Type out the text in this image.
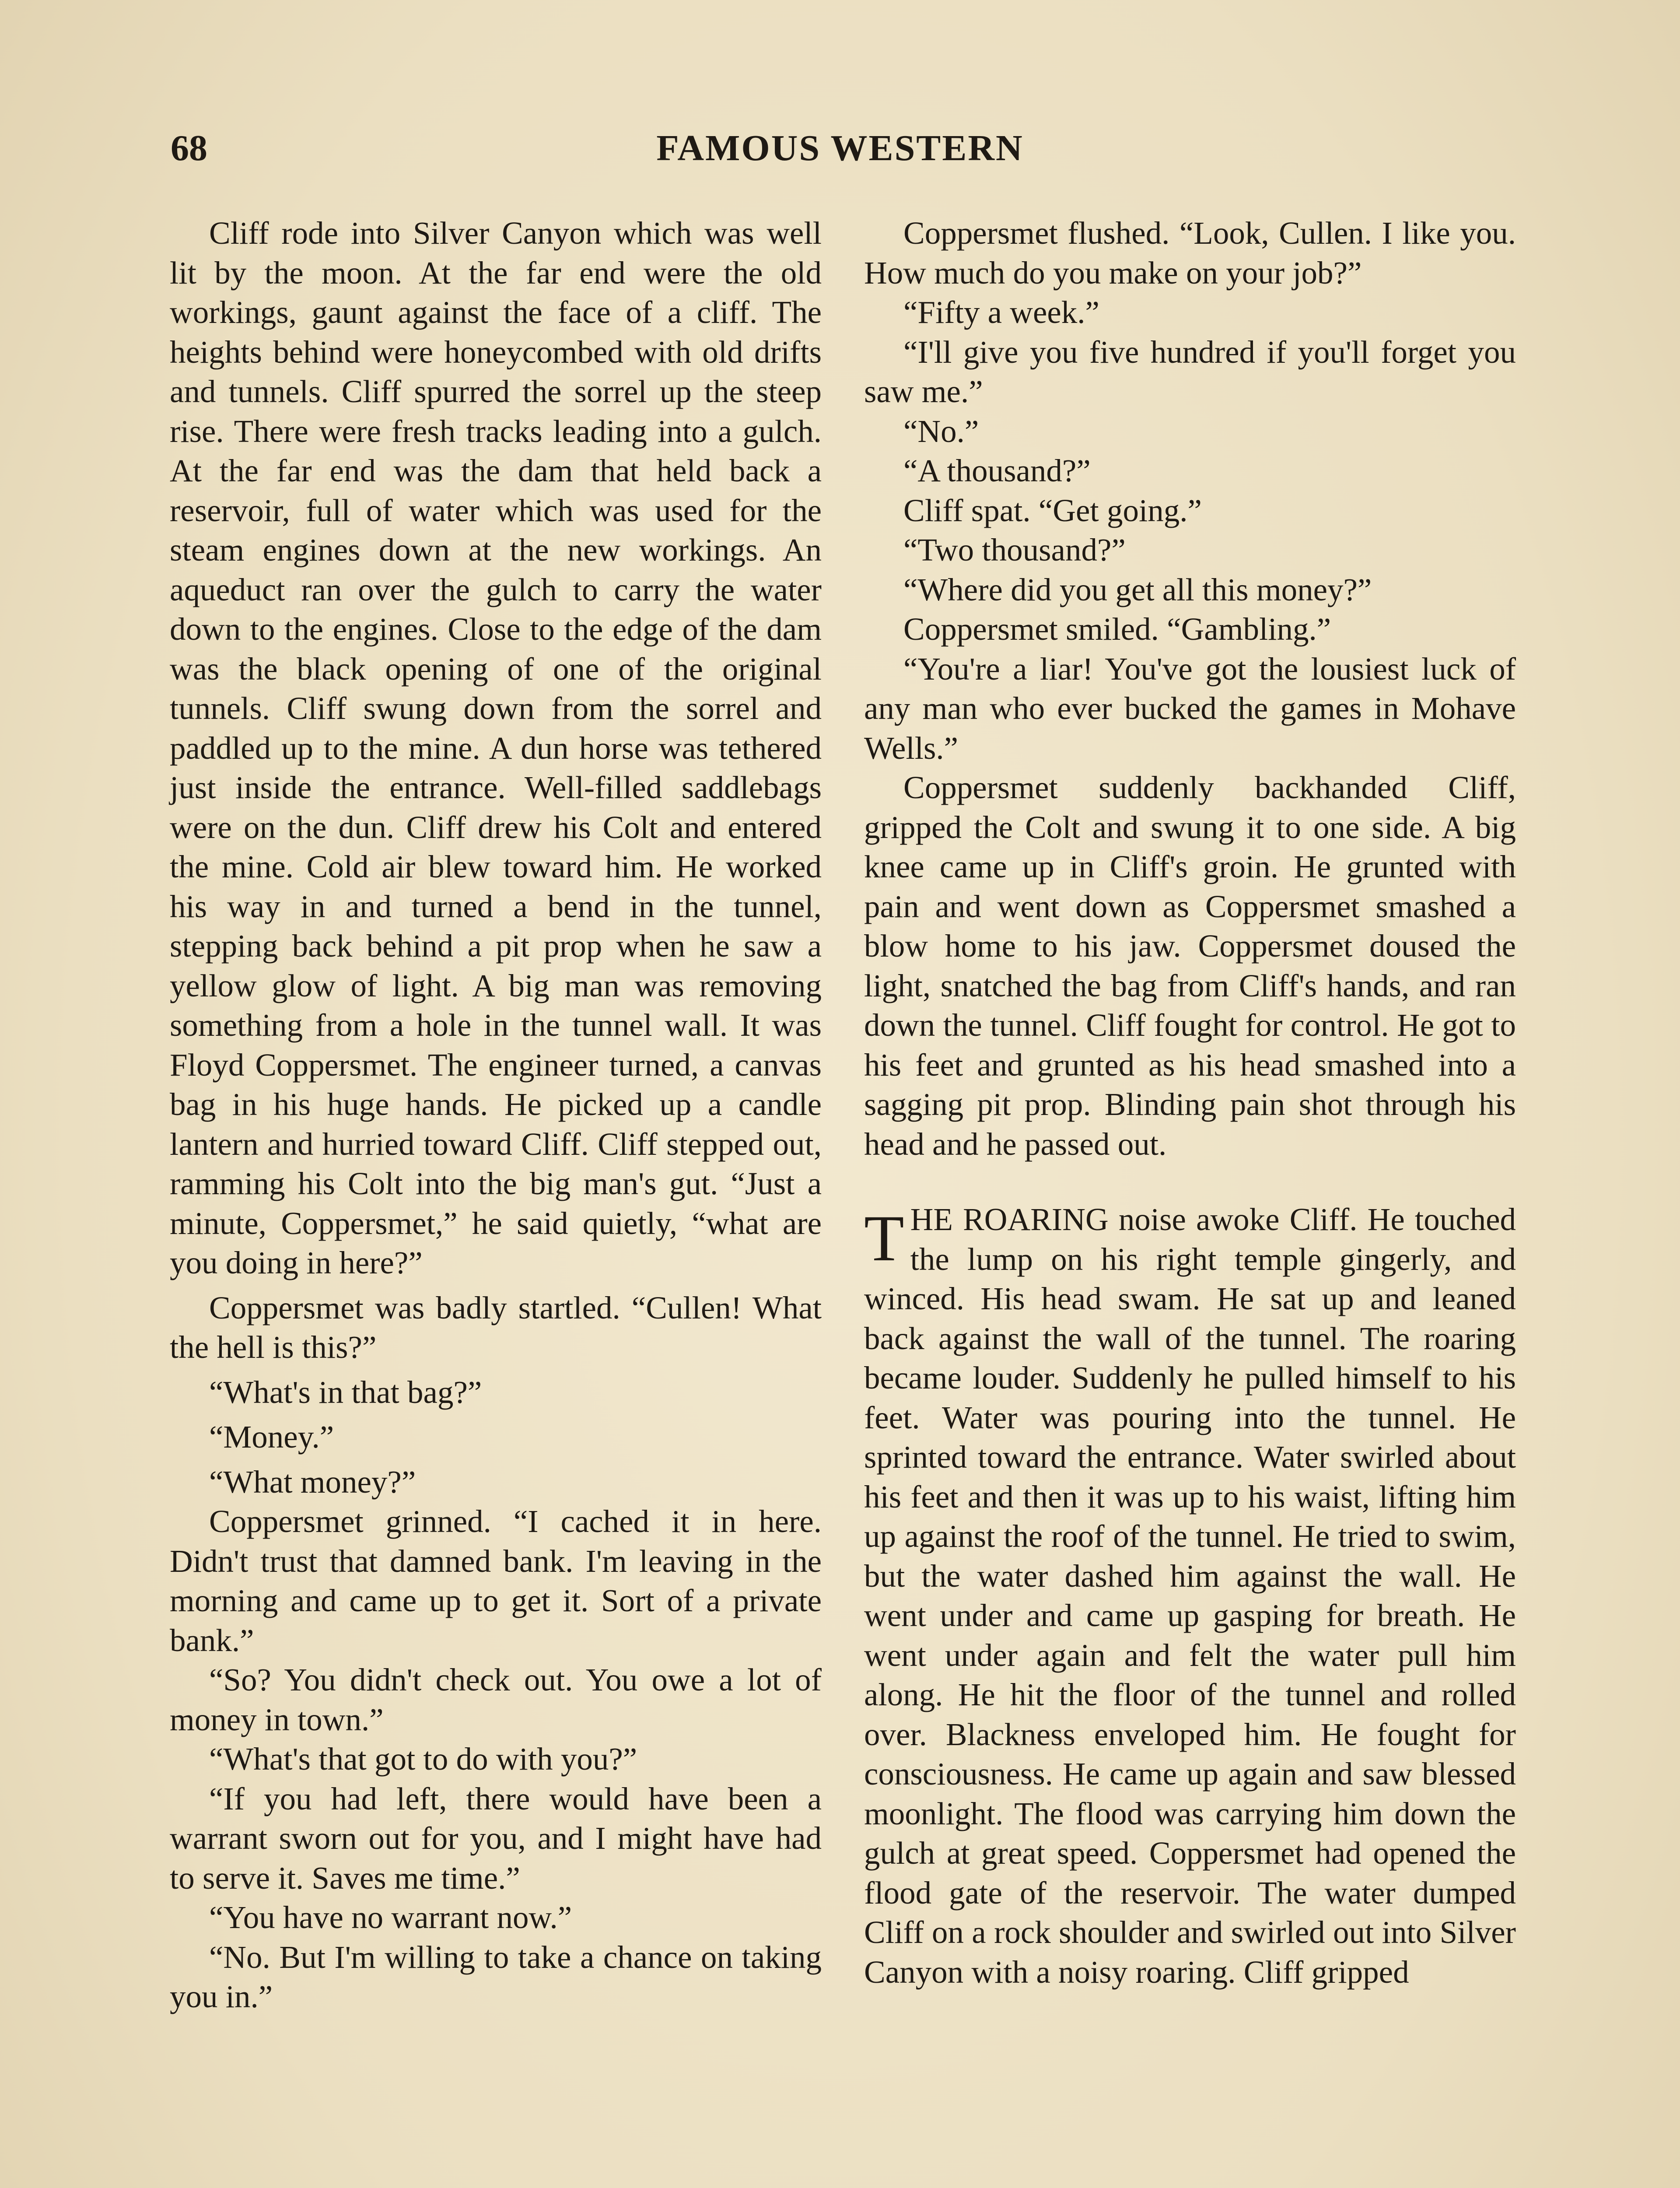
68	FAMOUS WESTERN

Cliff rode into Silver Canyon which was well lit by the moon. At the far end were the old workings, gaunt against the face of a cliff. The heights behind were honeycombed with old drifts and tunnels. Cliff spurred the sorrel up the steep rise. There were fresh tracks leading into a gulch. At the far end was the dam that held back a reservoir, full of water which was used for the steam engines down at the new workings. An aqueduct ran over the gulch to carry the water down to the engines. Close to the edge of the dam was the black opening of one of the original tunnels. Cliff swung down from the sorrel and paddled up to the mine. A dun horse was tethered just inside the entrance. Well-filled saddlebags were on the dun. Cliff drew his Colt and entered the mine. Cold air blew toward him. He worked his way in and turned a bend in the tunnel, stepping back behind a pit prop when he saw a yellow glow of light. A big man was removing something from a hole in the tunnel wall. It was Floyd Coppersmet. The engineer turned, a canvas bag in his huge hands. He picked up a candle lantern and hurried toward Cliff. Cliff stepped out, ramming his Colt into the big man's gut. “Just a minute, Coppersmet,” he said quietly, “what are you doing in here?”

Coppersmet was badly startled. “Cullen! What the hell is this?”

“What's in that bag?”

“Money.”

“What money?”

Coppersmet grinned. “I cached it in here. Didn't trust that damned bank. I'm leaving in the morning and came up to get it. Sort of a private bank.”

“So? You didn't check out. You owe a lot of money in town.”

“What's that got to do with you?”

“If you had left, there would have been a warrant sworn out for you, and I might have had to serve it. Saves me time.”

“You have no warrant now.”

“No. But I'm willing to take a chance on taking you in.”

Coppersmet flushed. “Look, Cullen. I like you. How much do you make on your job?”

“Fifty a week.”

“I'll give you five hundred if you'll forget you saw me.”

“No.”

“A thousand?”

Cliff spat. “Get going.”

“Two thousand?”

“Where did you get all this money?”

Coppersmet smiled. “Gambling.”

“You're a liar! You've got the lousiest luck of any man who ever bucked the games in Mohave Wells.”

Coppersmet suddenly backhanded Cliff, gripped the Colt and swung it to one side. A big knee came up in Cliff's groin. He grunted with pain and went down as Coppersmet smashed a blow home to his jaw. Coppersmet doused the light, snatched the bag from Cliff's hands, and ran down the tunnel. Cliff fought for control. He got to his feet and grunted as his head smashed into a sagging pit prop. Blinding pain shot through his head and he passed out.

THE ROARING noise awoke Cliff. He touched the lump on his right temple gingerly, and winced. His head swam. He sat up and leaned back against the wall of the tunnel. The roaring became louder. Suddenly he pulled himself to his feet. Water was pouring into the tunnel. He sprinted toward the entrance. Water swirled about his feet and then it was up to his waist, lifting him up against the roof of the tunnel. He tried to swim, but the water dashed him against the wall. He went under and came up gasping for breath. He went under again and felt the water pull him along. He hit the floor of the tunnel and rolled over. Blackness enveloped him. He fought for consciousness. He came up again and saw blessed moonlight. The flood was carrying him down the gulch at great speed. Coppersmet had opened the flood gate of the reservoir. The water dumped Cliff on a rock shoulder and swirled out into Silver Canyon with a noisy roaring. Cliff gripped
